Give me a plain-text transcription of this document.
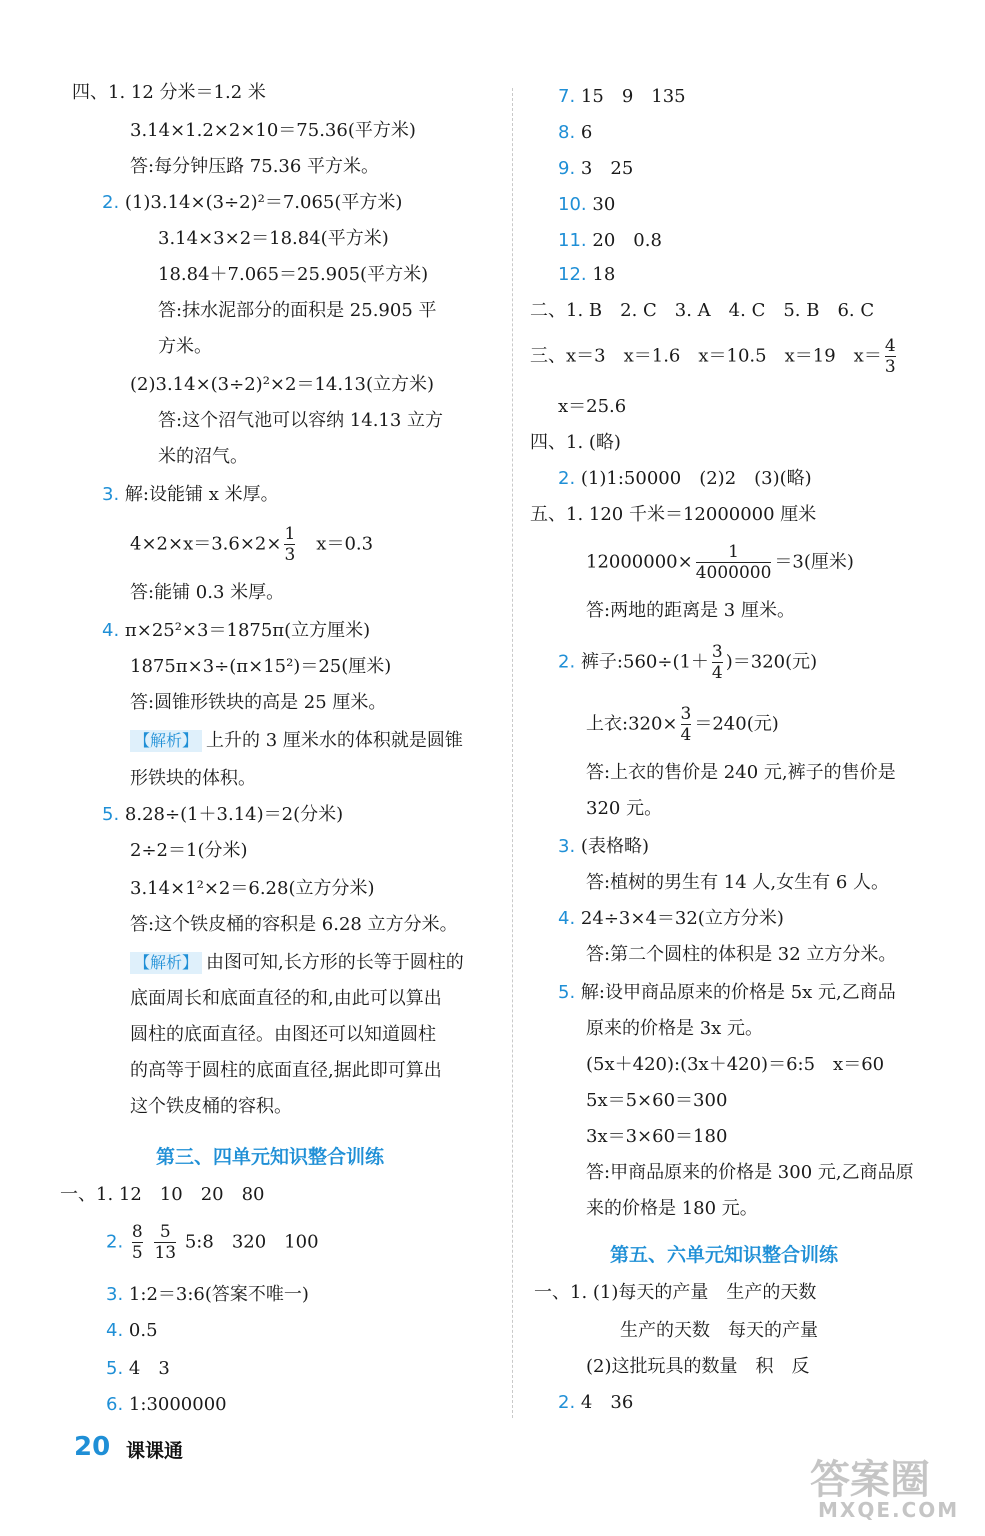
四、1. 12 分米＝1.2 米
3.14×1.2×2×10＝75.36(平方米)
答:每分钟压路 75.36 平方米。
2. (1)3.14×(3÷2)²＝7.065(平方米)
3.14×3×2＝18.84(平方米)
18.84＋7.065＝25.905(平方米)
答:抹水泥部分的面积是 25.905 平
方米。
(2)3.14×(3÷2)²×2＝14.13(立方米)
答:这个沼气池可以容纳 14.13 立方
米的沼气。
3. 解:设能铺 x 米厚。
$4\times 2\times x=3.6\times 2\times \frac{1}{3}$
　 x＝0.3
答:能铺 0.3 米厚。
4. π×25²×3＝1875π(立方厘米)
1875π×3÷(π×15²)＝25(厘米)
答:圆锥形铁块的高是 25 厘米。
【解析】 上升的 3 厘米水的体积就是圆锥
形铁块的体积。
5. 8.28÷(1＋3.14)＝2(分米)
2÷2＝1(分米)
3.14×1²×2＝6.28(立方分米)
答:这个铁皮桶的容积是 6.28 立方分米。
【解析】 由图可知,长方形的长等于圆柱的
底面周长和底面直径的和,由此可以算出
圆柱的底面直径。由图还可以知道圆柱
的高等于圆柱的底面直径,据此即可算出
这个铁皮桶的容积。
第三、四单元知识整合训练
一、1. 12　10　20　80
2. $\frac{8}{5}$
$\frac{5}{13}$ 5:8　320　100
3. 1:2＝3:6(答案不唯一)
4. 0.5
5. 4　3
6. 1:3000000
7. 15　9　135
8. 6
9. 3　25
10. 30
11. 20　0.8
12. 18
二、1. B　2. C　3. A　4. C　5. B　6. C
三、x＝3　x＝1.6　x＝10.5　x＝19　$x= \frac{4}{3}$
x＝25.6
四、1. (略)
2. (1)1:50000　(2)2　(3)(略)
五、1. 120 千米＝12000000 厘米
$12000000\times \frac{1}{4000000} =3$(厘米)
答:两地的距离是 3 厘米。
2. 裤子:560÷(1＋ $\frac{3}{4} )=320$(元)
上衣:320× $\frac{3}{4} =240$(元)
答:上衣的售价是 240 元,裤子的售价是
320 元。
3. (表格略)
答:植树的男生有 14 人,女生有 6 人。
4. 24÷3×4＝32(立方分米)
答:第二个圆柱的体积是 32 立方分米。
5. 解:设甲商品原来的价格是 5x 元,乙商品
原来的价格是 3x 元。
(5x＋420):(3x＋420)＝6:5　x＝60
5x＝5×60＝300
3x＝3×60＝180
答:甲商品原来的价格是 300 元,乙商品原
来的价格是 180 元。
第五、六单元知识整合训练
一、1. (1)每天的产量　生产的天数
生产的天数　每天的产量
(2)这批玩具的数量　积　反
2. 4　36
20 课课通
答案圈
MXQE.COM
